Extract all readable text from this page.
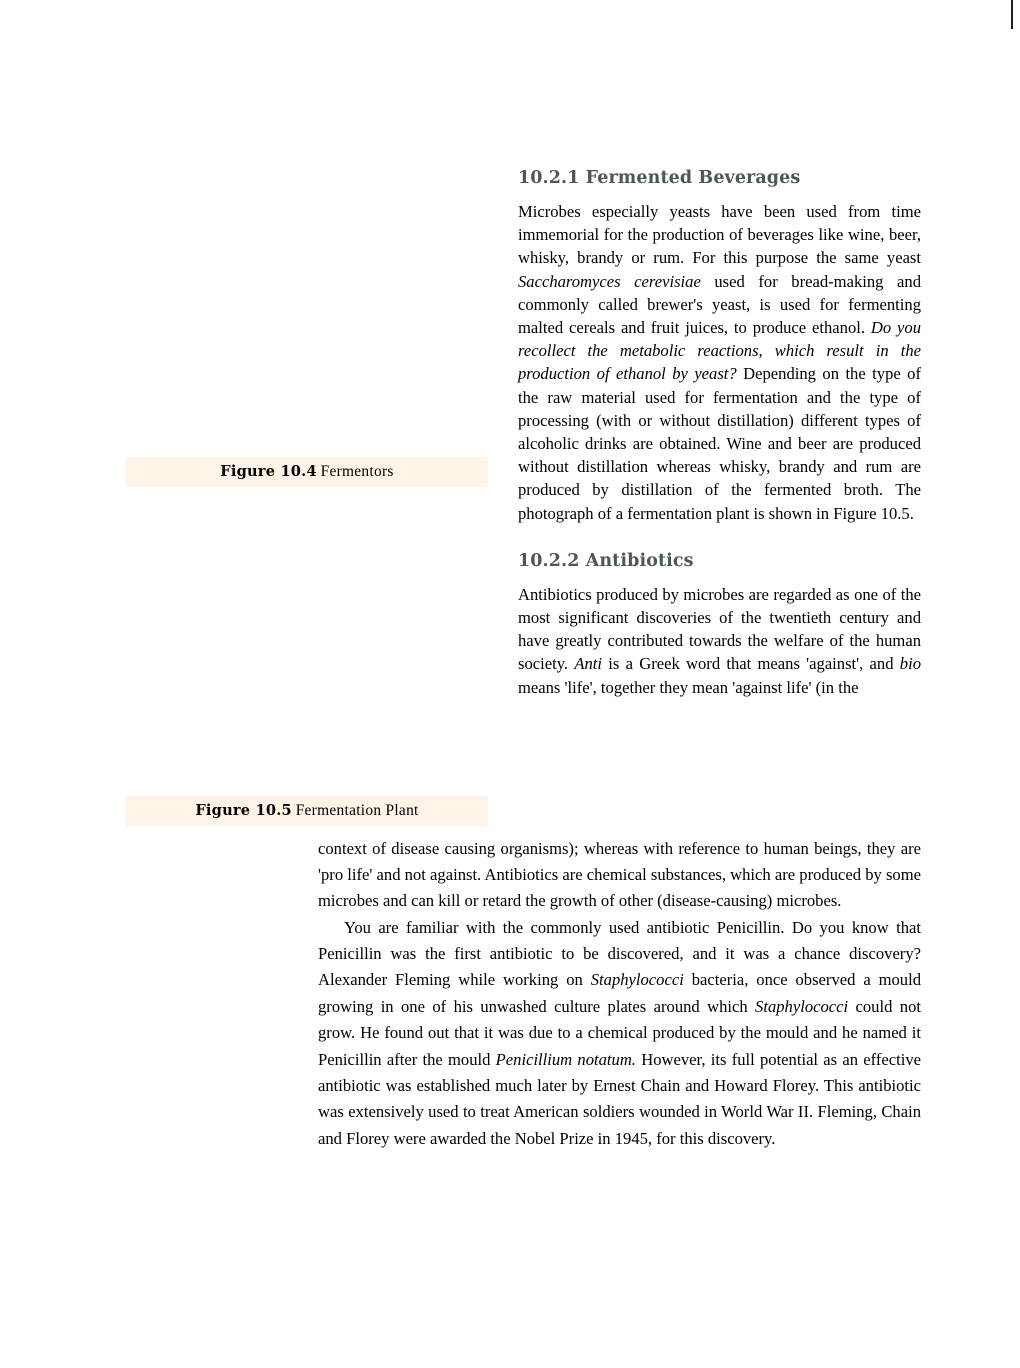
10.2.1 Fermented Beverages

Microbes especially yeasts have been used from time immemorial for the production of beverages like wine, beer, whisky, brandy or rum. For this purpose the same yeast Saccharomyces cerevisiae used for bread-making and commonly called brewer's yeast, is used for fermenting malted cereals and fruit juices, to produce ethanol. Do you recollect the metabolic reactions, which result in the production of ethanol by yeast? Depending on the type of the raw material used for fermentation and the type of processing (with or without distillation) different types of alcoholic drinks are obtained. Wine and beer are produced without distillation whereas whisky, brandy and rum are produced by distillation of the fermented broth. The photograph of a fermentation plant is shown in Figure 10.5.

10.2.2 Antibiotics

Antibiotics produced by microbes are regarded as one of the most significant discoveries of the twentieth century and have greatly contributed towards the welfare of the human society. Anti is a Greek word that means 'against', and bio means 'life', together they mean 'against life' (in the

Figure 10.4 Fermentors
Figure 10.5 Fermentation Plant

context of disease causing organisms); whereas with reference to human beings, they are 'pro life' and not against. Antibiotics are chemical substances, which are produced by some microbes and can kill or retard the growth of other (disease-causing) microbes.

You are familiar with the commonly used antibiotic Penicillin. Do you know that Penicillin was the first antibiotic to be discovered, and it was a chance discovery? Alexander Fleming while working on Staphylococci bacteria, once observed a mould growing in one of his unwashed culture plates around which Staphylococci could not grow. He found out that it was due to a chemical produced by the mould and he named it Penicillin after the mould Penicillium notatum. However, its full potential as an effective antibiotic was established much later by Ernest Chain and Howard Florey. This antibiotic was extensively used to treat American soldiers wounded in World War II. Fleming, Chain and Florey were awarded the Nobel Prize in 1945, for this discovery.
